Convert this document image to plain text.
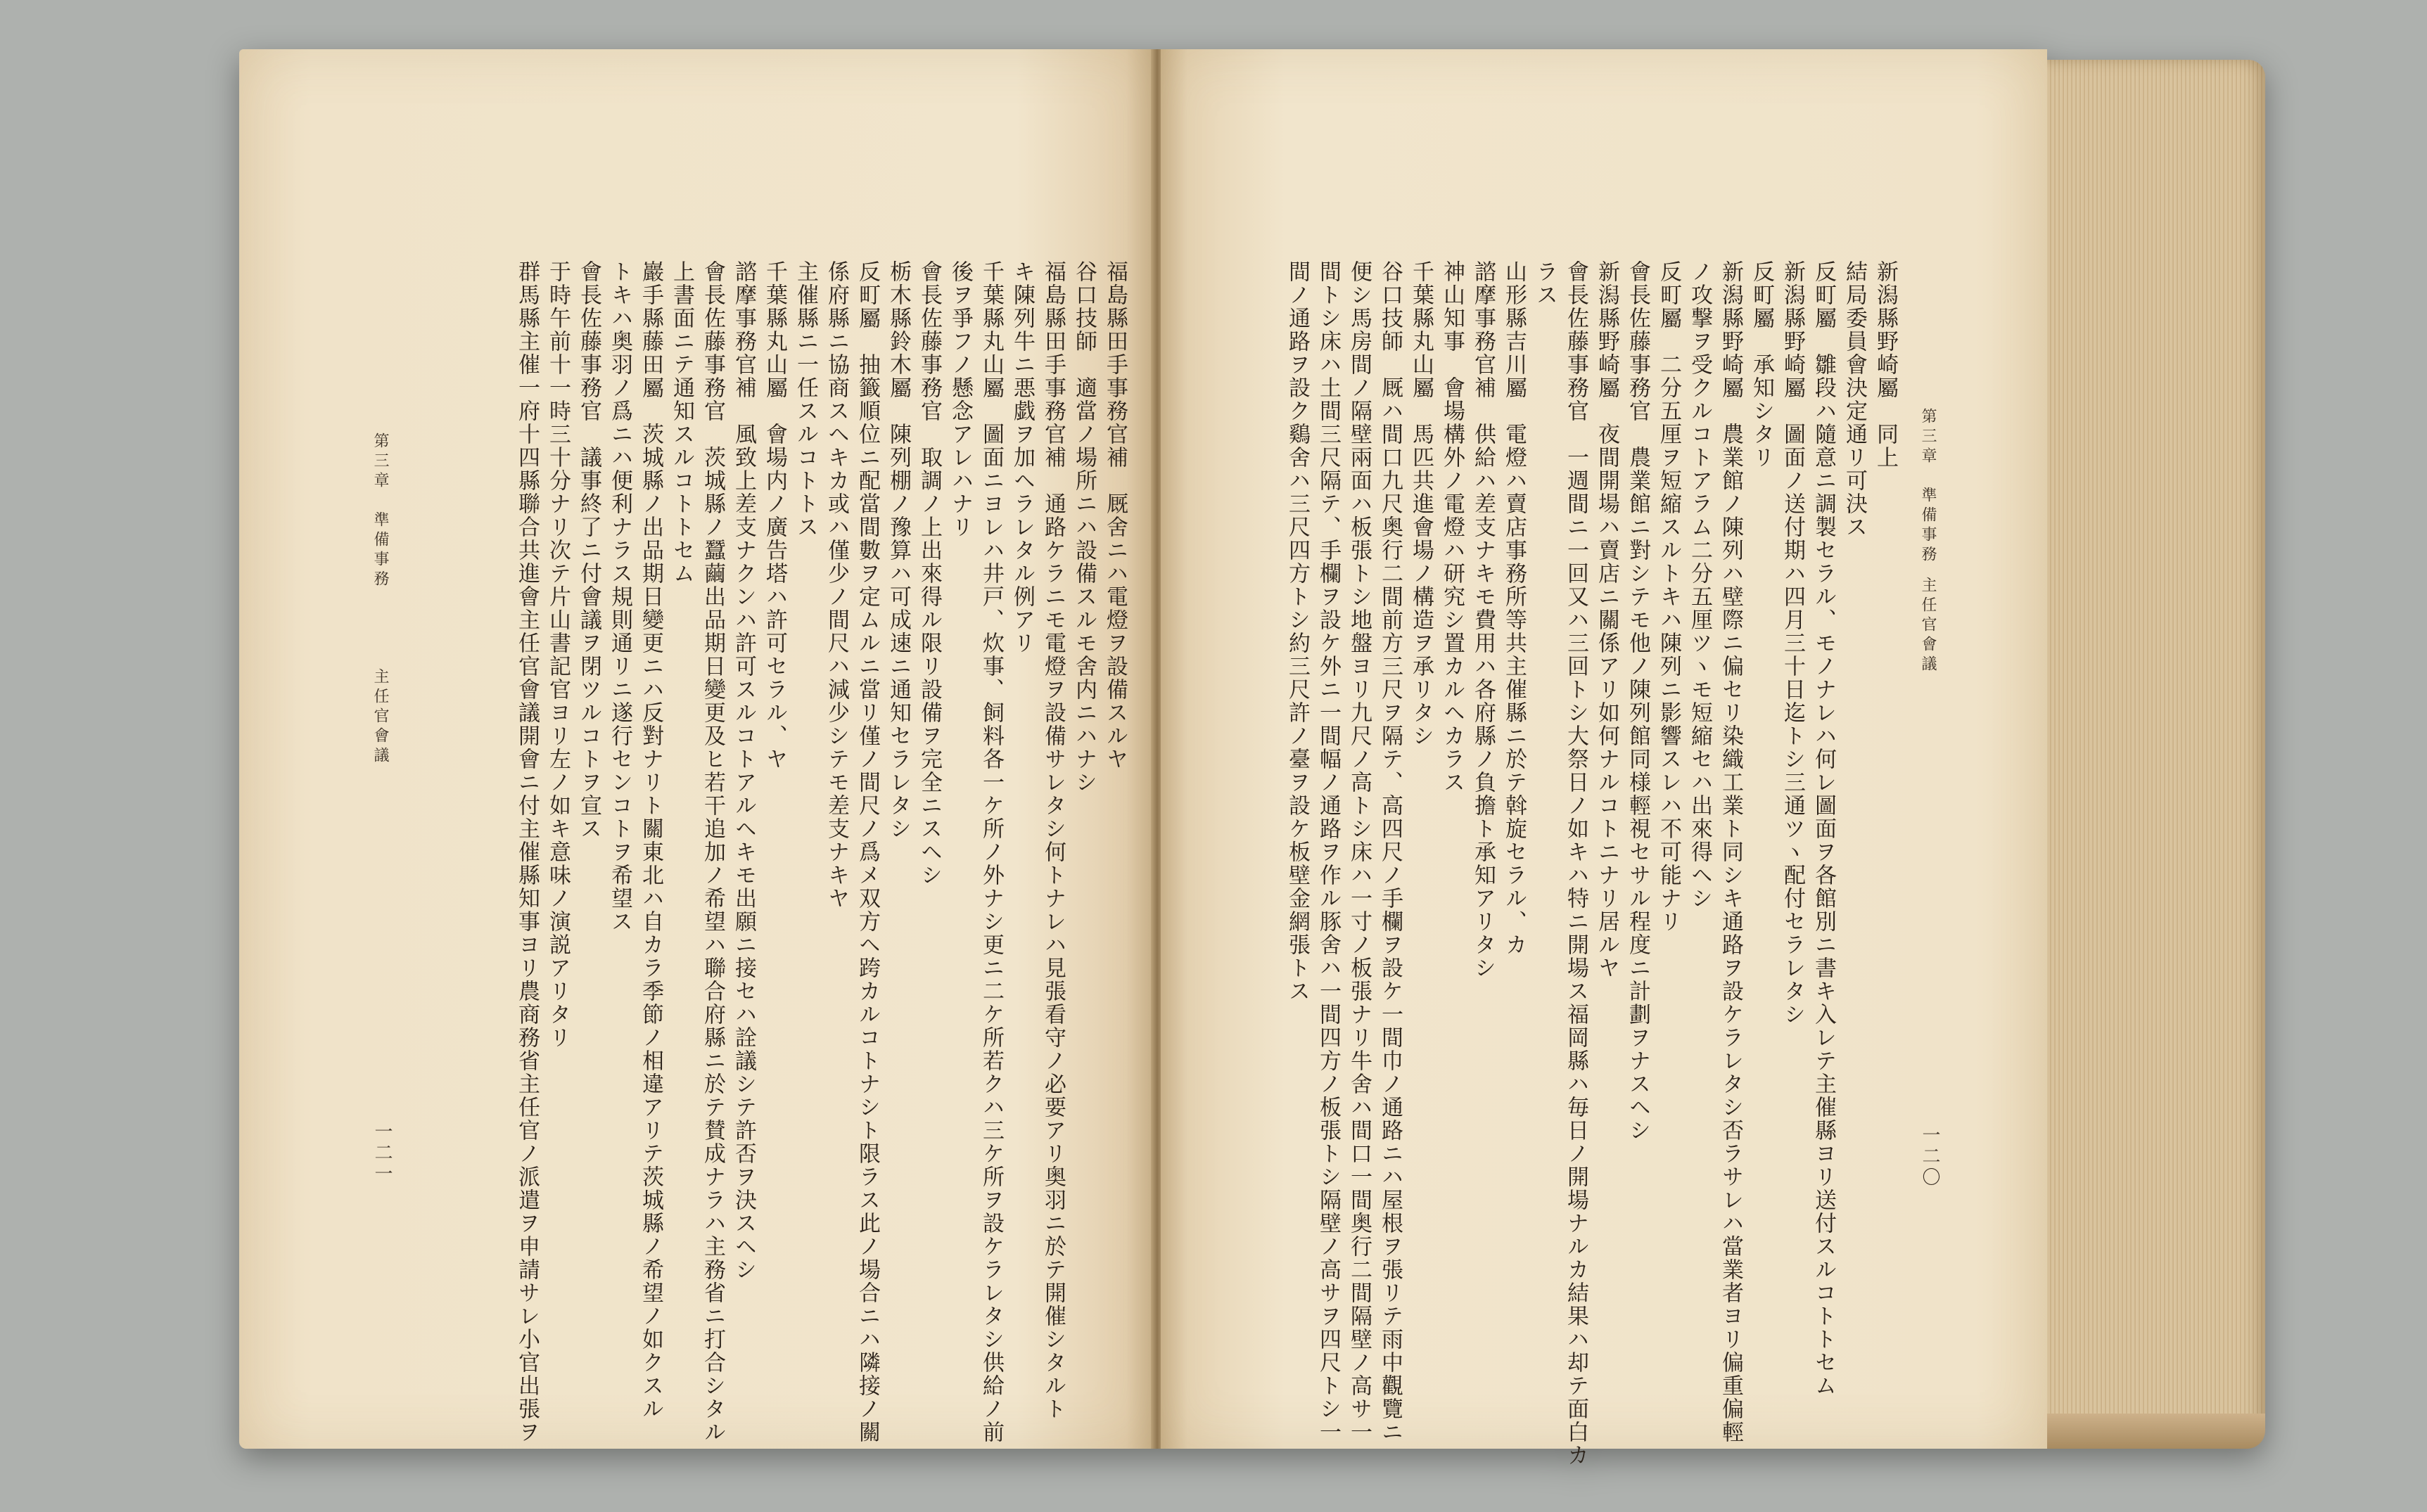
福島縣田手事務官補　厩舍ニハ電燈ヲ設備スルヤ
谷口技師　適當ノ場所ニハ設備スルモ舍内ニハナシ
福島縣田手事務官補　通路ケラニモ電燈ヲ設備サレタシ何トナレハ見張看守ノ必要アリ奥羽ニ於テ開催シタルト
キ陳列牛ニ悪戯ヲ加ヘラレタル例アリ
千葉縣丸山屬　圖面ニヨレハ井戸、炊事、飼料各一ケ所ノ外ナシ更ニ二ケ所若クハ三ケ所ヲ設ケラレタシ供給ノ前
後ヲ爭フノ懸念アレハナリ
會長佐藤事務官　取調ノ上出來得ル限リ設備ヲ完全ニスヘシ
栃木縣鈴木屬　陳列棚ノ豫算ハ可成速ニ通知セラレタシ
反町屬　抽籤順位ニ配當間數ヲ定ムルニ當リ僅ノ間尺ノ爲メ双方ヘ跨カルコトナシト限ラス此ノ場合ニハ隣接ノ關
係府縣ニ協商スヘキカ或ハ僅少ノ間尺ハ減少シテモ差支ナキヤ
主催縣ニ一任スルコトトス
千葉縣丸山屬　會場内ノ廣告塔ハ許可セラル、ヤ
諮摩事務官補　風致上差支ナクンハ許可スルコトアルヘキモ出願ニ接セハ詮議シテ許否ヲ決スヘシ
會長佐藤事務官　茨城縣ノ蠶繭出品期日變更及ヒ若干追加ノ希望ハ聯合府縣ニ於テ賛成ナラハ主務省ニ打合シタル
上書面ニテ通知スルコトトセム
巖手縣藤田屬　茨城縣ノ出品期日變更ニハ反對ナリト關東北ハ自カラ季節ノ相違アリテ茨城縣ノ希望ノ如クスル
トキハ奥羽ノ爲ニハ便利ナラス規則通リニ遂行センコトヲ希望ス
會長佐藤事務官　議事終了ニ付會議ヲ閉ツルコトヲ宣ス
于時午前十一時三十分ナリ次テ片山書記官ヨリ左ノ如キ意味ノ演説アリタリ
群馬縣主催一府十四縣聯合共進會主任官會議開會ニ付主催縣知事ヨリ農商務省主任官ノ派遣ヲ申請サレ小官出張ヲ
第三章　準備事務
主任官會議
一二一
新潟縣野崎屬　同上
結局委員會決定通リ可決ス
反町屬　雛段ハ隨意ニ調製セラル、モノナレハ何レ圖面ヲ各館別ニ書キ入レテ主催縣ヨリ送付スルコトトセム
新潟縣野崎屬　圖面ノ送付期ハ四月三十日迄トシ三通ツヽ配付セラレタシ
反町屬　承知シタリ
新潟縣野崎屬　農業館ノ陳列ハ壁際ニ偏セリ染織工業ト同シキ通路ヲ設ケラレタシ否ラサレハ當業者ヨリ偏重偏輕
ノ攻撃ヲ受クルコトアラム二分五厘ツヽモ短縮セハ出來得ヘシ
反町屬　二分五厘ヲ短縮スルトキハ陳列ニ影響スレハ不可能ナリ
會長佐藤事務官　農業館ニ對シテモ他ノ陳列館同様輕視セサル程度ニ計劃ヲナスヘシ
新潟縣野崎屬　夜間開場ハ賣店ニ關係アリ如何ナルコトニナリ居ルヤ
會長佐藤事務官　一週間ニ一回又ハ三回トシ大祭日ノ如キハ特ニ開場ス福岡縣ハ毎日ノ開場ナルカ結果ハ却テ面白カ
ラス
山形縣吉川屬　電燈ハ賣店事務所等共主催縣ニ於テ斡旋セラル、カ
諮摩事務官補　供給ハ差支ナキモ費用ハ各府縣ノ負擔ト承知アリタシ
神山知事　會場構外ノ電燈ハ研究シ置カルヘカラス
千葉縣丸山屬　馬匹共進會場ノ構造ヲ承リタシ
谷口技師　厩ハ間口九尺奥行二間前方三尺ヲ隔テ、高四尺ノ手欄ヲ設ケ一間巾ノ通路ニハ屋根ヲ張リテ雨中觀覽ニ
便シ馬房間ノ隔壁兩面ハ板張トシ地盤ヨリ九尺ノ高トシ床ハ一寸ノ板張ナリ牛舍ハ間口一間奥行二間隔壁ノ高サ一
間トシ床ハ土間三尺隔テ、手欄ヲ設ケ外ニ一間幅ノ通路ヲ作ル豚舍ハ一間四方ノ板張トシ隔壁ノ高サヲ四尺トシ一
間ノ通路ヲ設ク鷄舍ハ三尺四方トシ約三尺許ノ臺ヲ設ケ板壁金網張トス	第三章　準備事務
主任官會議
一二〇
